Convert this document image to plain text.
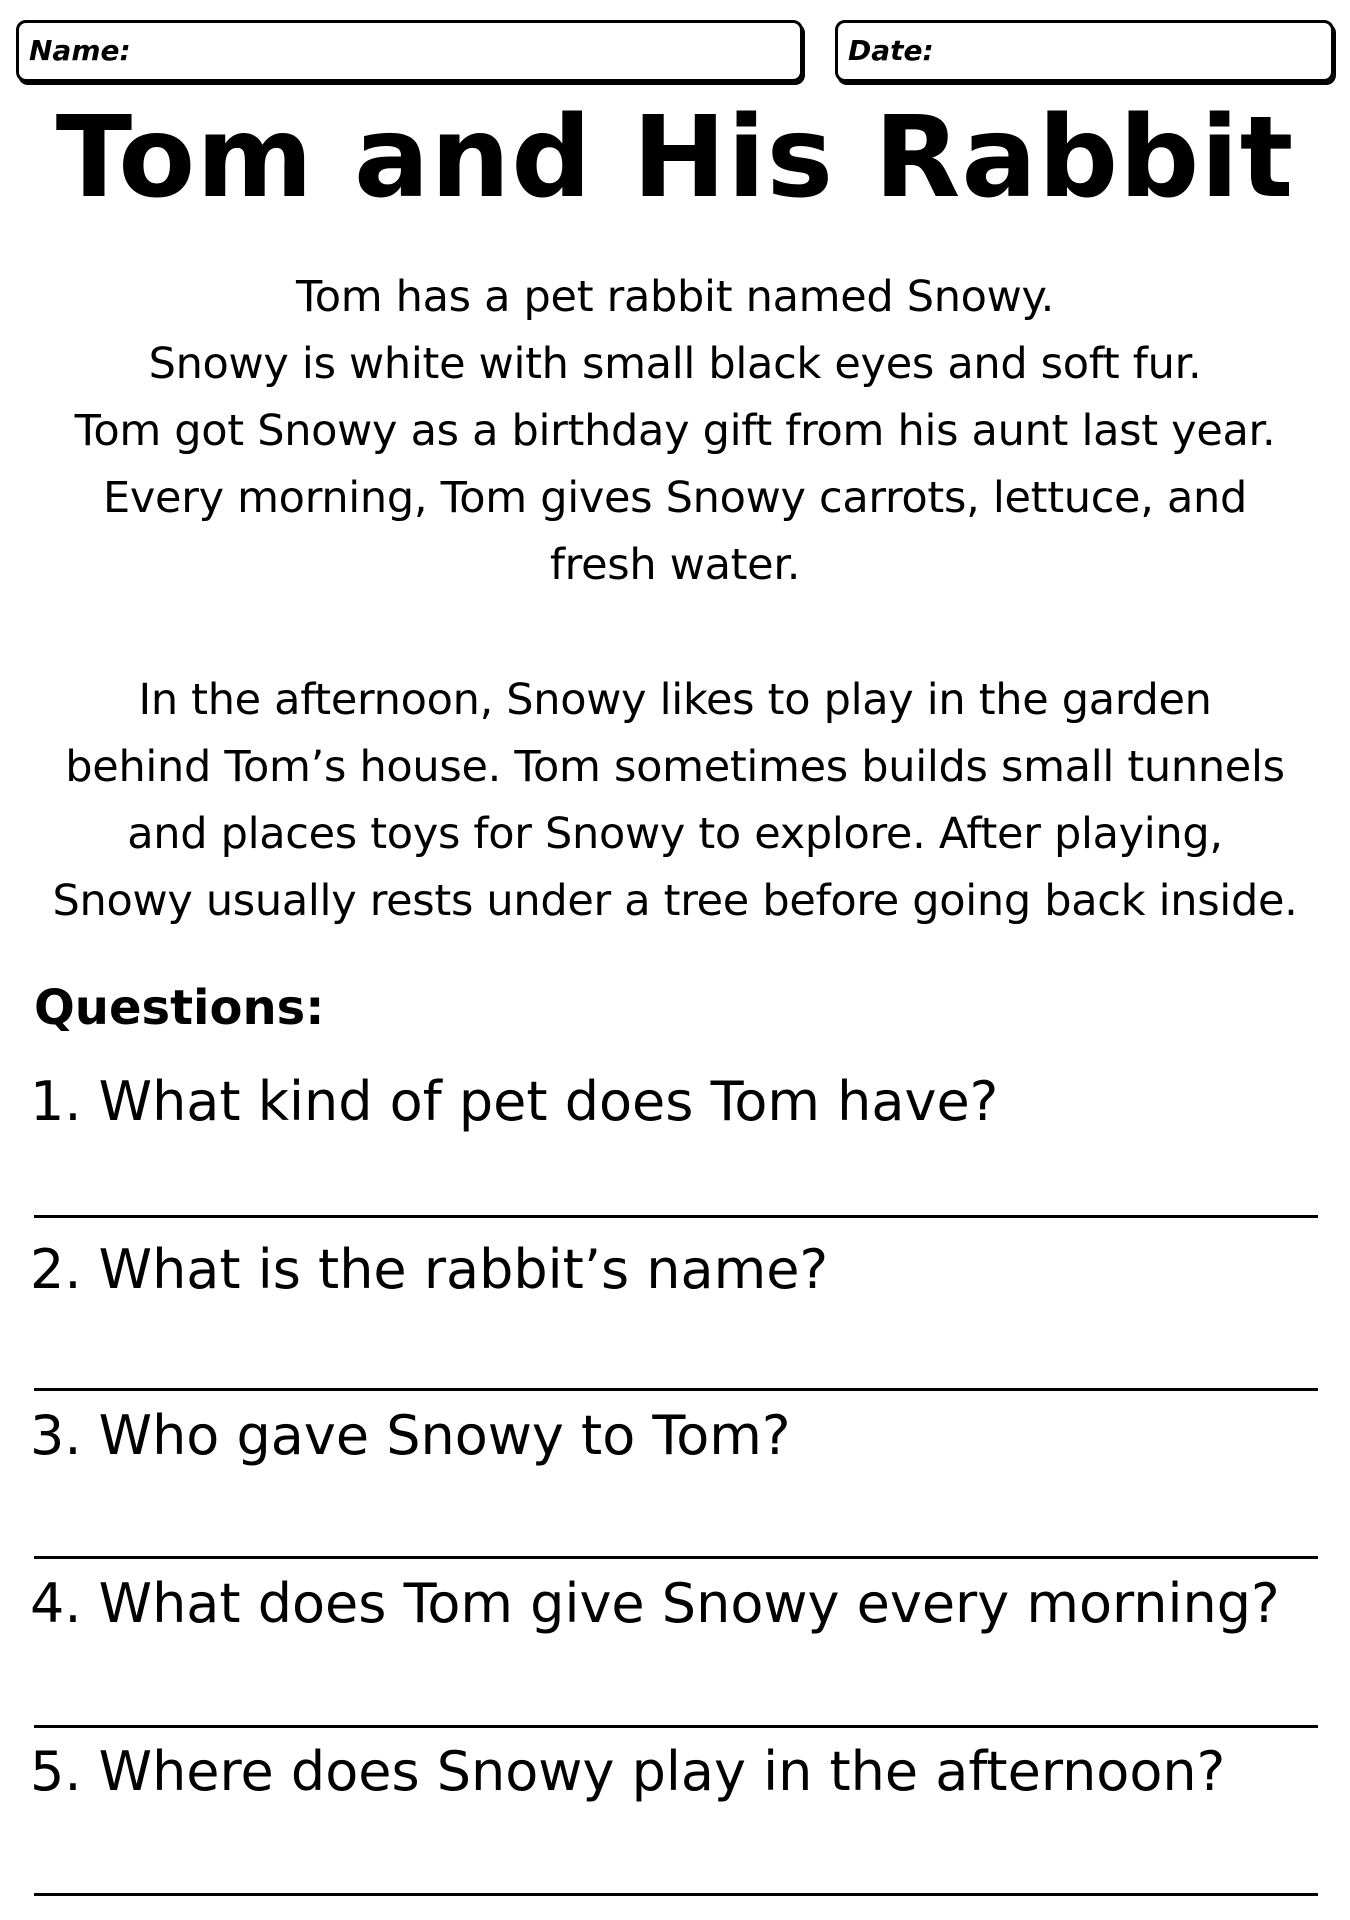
Name:	Date:
Tom and His Rabbit
Tom has a pet rabbit named Snowy.
Snowy is white with small black eyes and soft fur.
Tom got Snowy as a birthday gift from his aunt last year.
Every morning, Tom gives Snowy carrots, lettuce, and
fresh water.
In the afternoon, Snowy likes to play in the garden
behind Tom’s house. Tom sometimes builds small tunnels
and places toys for Snowy to explore. After playing,
Snowy usually rests under a tree before going back inside.
Questions:
1. What kind of pet does Tom have?
2. What is the rabbit’s name?
3. Who gave Snowy to Tom?
4. What does Tom give Snowy every morning?
5. Where does Snowy play in the afternoon?
